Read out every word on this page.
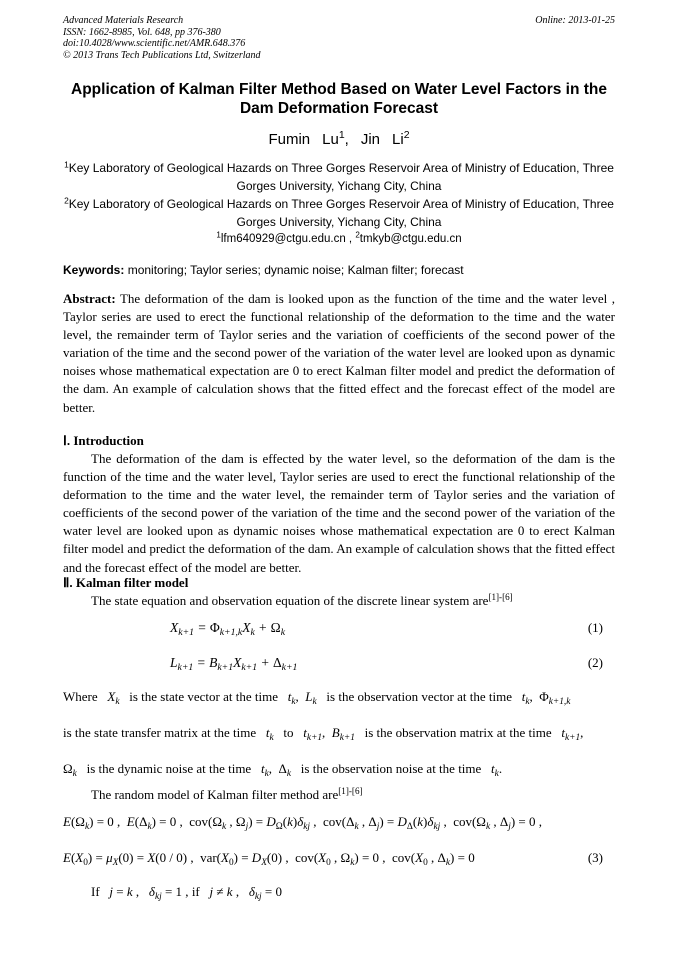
Advanced Materials Research
ISSN: 1662-8985, Vol. 648, pp 376-380
doi:10.4028/www.scientific.net/AMR.648.376
© 2013 Trans Tech Publications Ltd, Switzerland
Online: 2013-01-25
Application of Kalman Filter Method Based on Water Level Factors in the Dam Deformation Forecast
Fumin Lu$^1$, Jin Li$^2$
$^1$Key Laboratory of Geological Hazards on Three Gorges Reservoir Area of Ministry of Education, Three Gorges University, Yichang City, China
$^2$Key Laboratory of Geological Hazards on Three Gorges Reservoir Area of Ministry of Education, Three Gorges University, Yichang City, China
$^1$lfm640929@ctgu.edu.cn , $^2$tmkyb@ctgu.edu.cn
Keywords: monitoring; Taylor series; dynamic noise; Kalman filter; forecast
Abstract: The deformation of the dam is looked upon as the function of the time and the water level , Taylor series are used to erect the functional relationship of the deformation to the time and the water level, the remainder term of Taylor series and the variation of coefficients of the second power of the variation of the time and the second power of the variation of the water level are looked upon as dynamic noises whose mathematical expectation are 0 to erect Kalman filter model and predict the deformation of the dam. An example of calculation shows that the fitted effect and the forecast effect of the model are better.
Ⅰ. Introduction
The deformation of the dam is effected by the water level, so the deformation of the dam is the function of the time and the water level, Taylor series are used to erect the functional relationship of the deformation to the time and the water level, the remainder term of Taylor series and the variation of coefficients of the second power of the variation of the time and the second power of the variation of the water level are looked upon as dynamic noises whose mathematical expectation are 0 to erect Kalman filter model and predict the deformation of the dam. An example of calculation shows that the fitted effect and the forecast effect of the model are better.
Ⅱ. Kalman filter model
The state equation and observation equation of the discrete linear system are[1]-[6]
$X_{k+1} = \Phi_{k+1,k}X_k + \Omega_k$	(1)
$L_{k+1} = B_{k+1}X_{k+1} + \Delta_{k+1}$	(2)
Where $X_k$ is the state vector at the time $t_k$,  $L_k$ is the observation vector at the time $t_k$,  $\Phi_{k+1,k}$
is the state transfer matrix at the time $t_k$ to $t_{k+1}$,  $B_{k+1}$ is the observation matrix at the time $t_{k+1}$,
$\Omega_k$ is the dynamic noise at the time $t_k$,  $\Delta_k$ is the observation noise at the time $t_k$.
The random model of Kalman filter method are[1]-[6]
$E(\Omega_k) = 0$ ,  $E(\Delta_k) = 0$ ,  $cov(\Omega_k$ , $\Omega_j) = D_\Omega(k)\delta_{kj}$ ,  $cov(\Delta_k$ , $\Delta_j) = D_\Delta(k)\delta_{kj}$ ,  $cov(\Omega_k$ , $\Delta_j) = 0$ ,
$E(X_0) = \mu_X(0) = X(0 / 0)$ ,  $var(X_0) = D_X(0)$ ,  $cov(X_0$ , $\Omega_k) = 0$ ,  $cov(X_0$ , $\Delta_k) = 0$	(3)
If j = k ,   $\delta_{kj} = 1$ , if j ≠ k ,   $\delta_{kj} = 0$
